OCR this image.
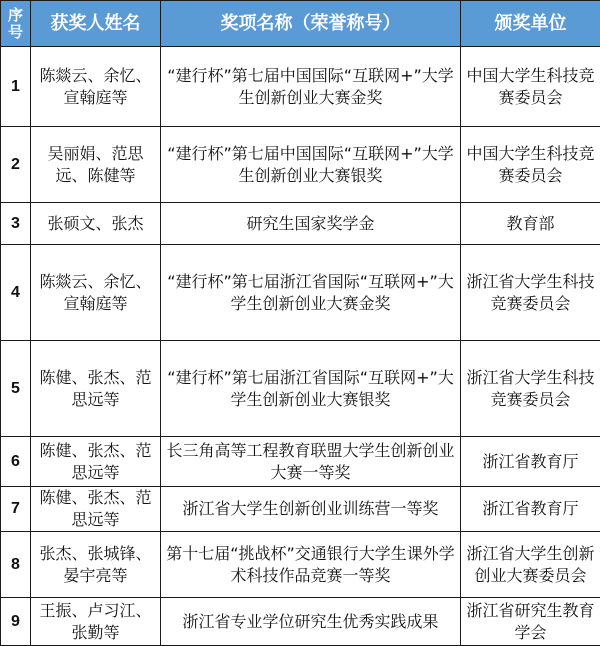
序号	获奖人姓名	奖项名称（荣誉称号）	颁奖单位
1	陈燚云、余忆、宣翰庭等	“建行杯”第七届中国国际“互联网+”大学生创新创业大赛金奖	中国大学生科技竞赛委员会
2	吴丽娟、范思远、陈健等	“建行杯”第七届中国国际“互联网+”大学生创新创业大赛银奖	中国大学生科技竞赛委员会
3	张硕文、张杰	研究生国家奖学金	教育部
4	陈燚云、余忆、宣翰庭等	“建行杯”第七届浙江省国际“互联网+”大学生创新创业大赛金奖	浙江省大学生科技竞赛委员会
5	陈健、张杰、范思远等	“建行杯”第七届浙江省国际“互联网+”大学生创新创业大赛银奖	浙江省大学生科技竞赛委员会
6	陈健、张杰、范思远等	长三角高等工程教育联盟大学生创新创业大赛一等奖	浙江省教育厅
7	陈健、张杰、范思远等	浙江省大学生创新创业训练营一等奖	浙江省教育厅
8	张杰、张城锋、晏宇亮等	第十七届“挑战杯”交通银行大学生课外学术科技作品竞赛一等奖	浙江省大学生创新创业大赛委员会
9	王振、卢习江、张勤等	浙江省专业学位研究生优秀实践成果	浙江省研究生教育学会
